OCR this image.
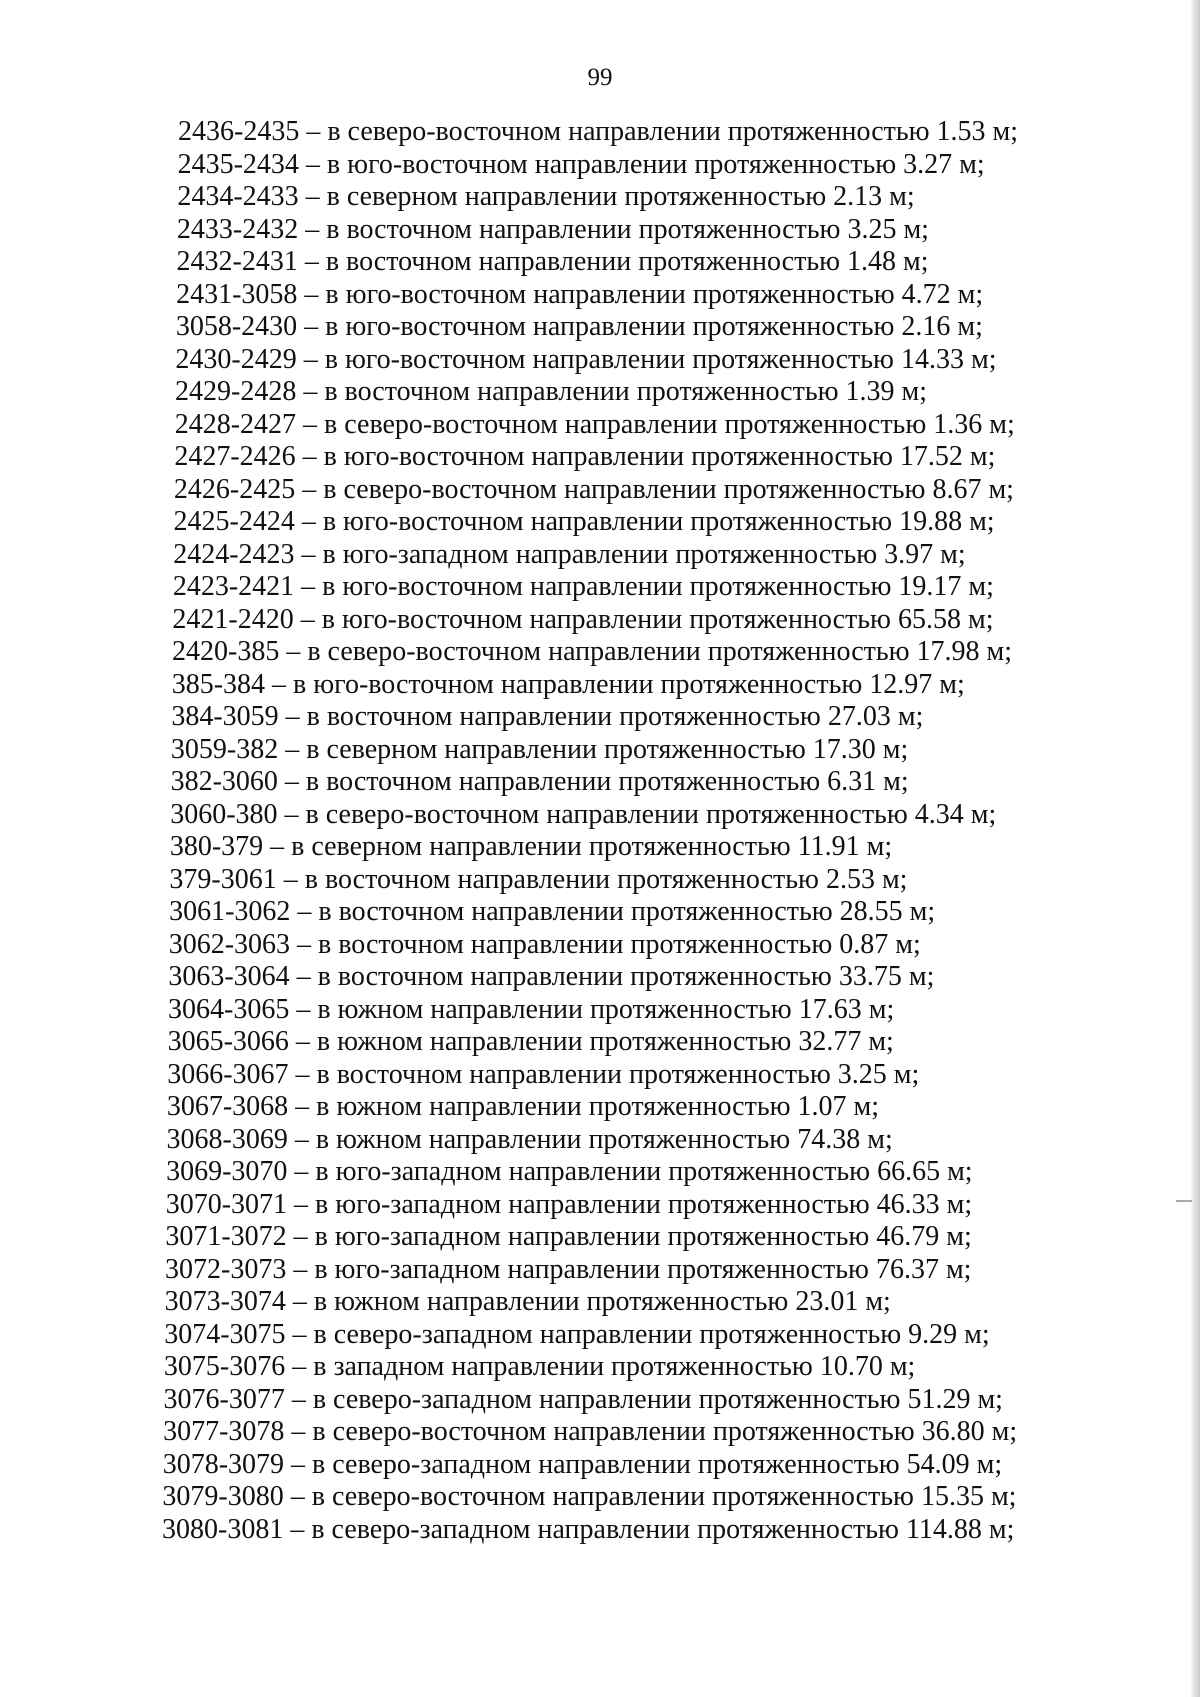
99
2436-2435 – в северо-восточном направлении протяженностью 1.53 м;
2435-2434 – в юго-восточном направлении протяженностью 3.27 м;
2434-2433 – в северном направлении протяженностью 2.13 м;
2433-2432 – в восточном направлении протяженностью 3.25 м;
2432-2431 – в восточном направлении протяженностью 1.48 м;
2431-3058 – в юго-восточном направлении протяженностью 4.72 м;
3058-2430 – в юго-восточном направлении протяженностью 2.16 м;
2430-2429 – в юго-восточном направлении протяженностью 14.33 м;
2429-2428 – в восточном направлении протяженностью 1.39 м;
2428-2427 – в северо-восточном направлении протяженностью 1.36 м;
2427-2426 – в юго-восточном направлении протяженностью 17.52 м;
2426-2425 – в северо-восточном направлении протяженностью 8.67 м;
2425-2424 – в юго-восточном направлении протяженностью 19.88 м;
2424-2423 – в юго-западном направлении протяженностью 3.97 м;
2423-2421 – в юго-восточном направлении протяженностью 19.17 м;
2421-2420 – в юго-восточном направлении протяженностью 65.58 м;
2420-385 – в северо-восточном направлении протяженностью 17.98 м;
385-384 – в юго-восточном направлении протяженностью 12.97 м;
384-3059 – в восточном направлении протяженностью 27.03 м;
3059-382 – в северном направлении протяженностью 17.30 м;
382-3060 – в восточном направлении протяженностью 6.31 м;
3060-380 – в северо-восточном направлении протяженностью 4.34 м;
380-379 – в северном направлении протяженностью 11.91 м;
379-3061 – в восточном направлении протяженностью 2.53 м;
3061-3062 – в восточном направлении протяженностью 28.55 м;
3062-3063 – в восточном направлении протяженностью 0.87 м;
3063-3064 – в восточном направлении протяженностью 33.75 м;
3064-3065 – в южном направлении протяженностью 17.63 м;
3065-3066 – в южном направлении протяженностью 32.77 м;
3066-3067 – в восточном направлении протяженностью 3.25 м;
3067-3068 – в южном направлении протяженностью 1.07 м;
3068-3069 – в южном направлении протяженностью 74.38 м;
3069-3070 – в юго-западном направлении протяженностью 66.65 м;
3070-3071 – в юго-западном направлении протяженностью 46.33 м;
3071-3072 – в юго-западном направлении протяженностью 46.79 м;
3072-3073 – в юго-западном направлении протяженностью 76.37 м;
3073-3074 – в южном направлении протяженностью 23.01 м;
3074-3075 – в северо-западном направлении протяженностью 9.29 м;
3075-3076 – в западном направлении протяженностью 10.70 м;
3076-3077 – в северо-западном направлении протяженностью 51.29 м;
3077-3078 – в северо-восточном направлении протяженностью 36.80 м;
3078-3079 – в северо-западном направлении протяженностью 54.09 м;
3079-3080 – в северо-восточном направлении протяженностью 15.35 м;
3080-3081 – в северо-западном направлении протяженностью 114.88 м;
